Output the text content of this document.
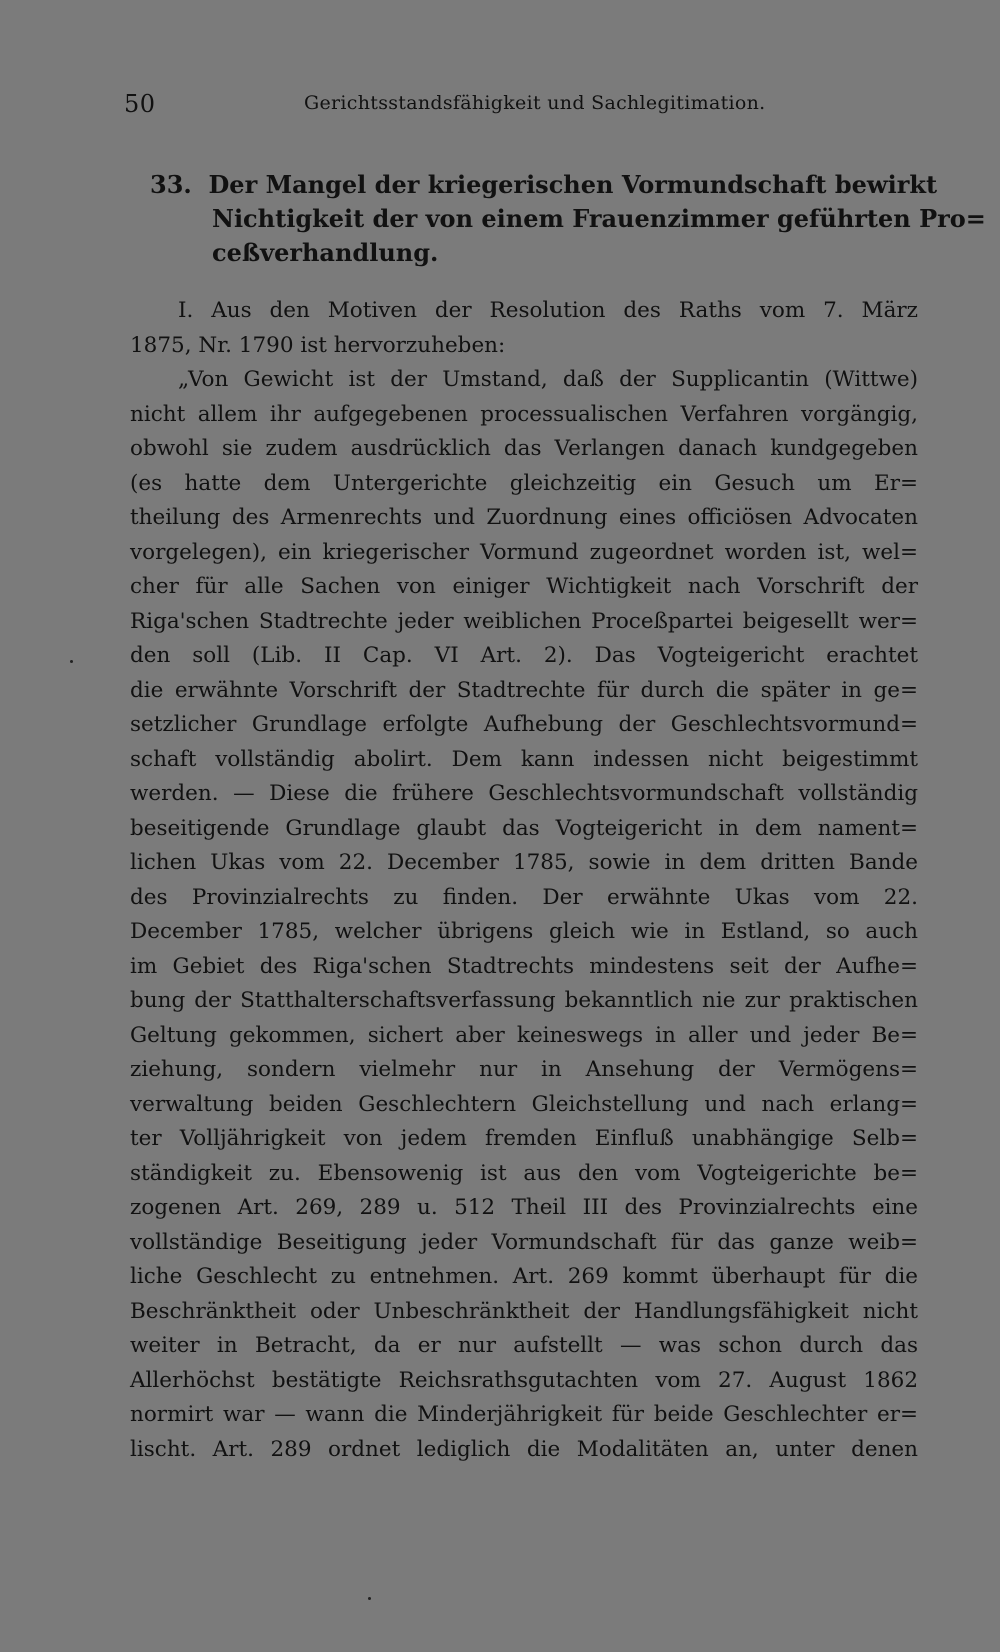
50	Gerichtsstandsfähigkeit und Sachlegitimation.
33. Der Mangel der kriegerischen Vormundschaft bewirkt
Nichtigkeit der von einem Frauenzimmer geführten Pro=
ceßverhandlung.
I. Aus den Motiven der Resolution des Raths vom 7. März
1875, Nr. 1790 ist hervorzuheben:
„Von Gewicht ist der Umstand, daß der Supplicantin (Wittwe)
nicht allem ihr aufgegebenen processualischen Verfahren vorgängig,
obwohl sie zudem ausdrücklich das Verlangen danach kundgegeben
(es hatte dem Untergerichte gleichzeitig ein Gesuch um Er=
theilung des Armenrechts und Zuordnung eines officiösen Advocaten
vorgelegen), ein kriegerischer Vormund zugeordnet worden ist, wel=
cher für alle Sachen von einiger Wichtigkeit nach Vorschrift der
Riga'schen Stadtrechte jeder weiblichen Proceßpartei beigesellt wer=
den soll (Lib. II Cap. VI Art. 2). Das Vogteigericht erachtet
die erwähnte Vorschrift der Stadtrechte für durch die später in ge=
setzlicher Grundlage erfolgte Aufhebung der Geschlechtsvormund=
schaft vollständig abolirt. Dem kann indessen nicht beigestimmt
werden. — Diese die frühere Geschlechtsvormundschaft vollständig
beseitigende Grundlage glaubt das Vogteigericht in dem nament=
lichen Ukas vom 22. December 1785, sowie in dem dritten Bande
des Provinzialrechts zu finden. Der erwähnte Ukas vom 22.
December 1785, welcher übrigens gleich wie in Estland, so auch
im Gebiet des Riga'schen Stadtrechts mindestens seit der Aufhe=
bung der Statthalterschaftsverfassung bekanntlich nie zur praktischen
Geltung gekommen, sichert aber keineswegs in aller und jeder Be=
ziehung, sondern vielmehr nur in Ansehung der Vermögens=
verwaltung beiden Geschlechtern Gleichstellung und nach erlang=
ter Volljährigkeit von jedem fremden Einfluß unabhängige Selb=
ständigkeit zu. Ebensowenig ist aus den vom Vogteigerichte be=
zogenen Art. 269, 289 u. 512 Theil III des Provinzialrechts eine
vollständige Beseitigung jeder Vormundschaft für das ganze weib=
liche Geschlecht zu entnehmen. Art. 269 kommt überhaupt für die
Beschränktheit oder Unbeschränktheit der Handlungsfähigkeit nicht
weiter in Betracht, da er nur aufstellt — was schon durch das
Allerhöchst bestätigte Reichsrathsgutachten vom 27. August 1862
normirt war — wann die Minderjährigkeit für beide Geschlechter er=
lischt. Art. 289 ordnet lediglich die Modalitäten an, unter denen
